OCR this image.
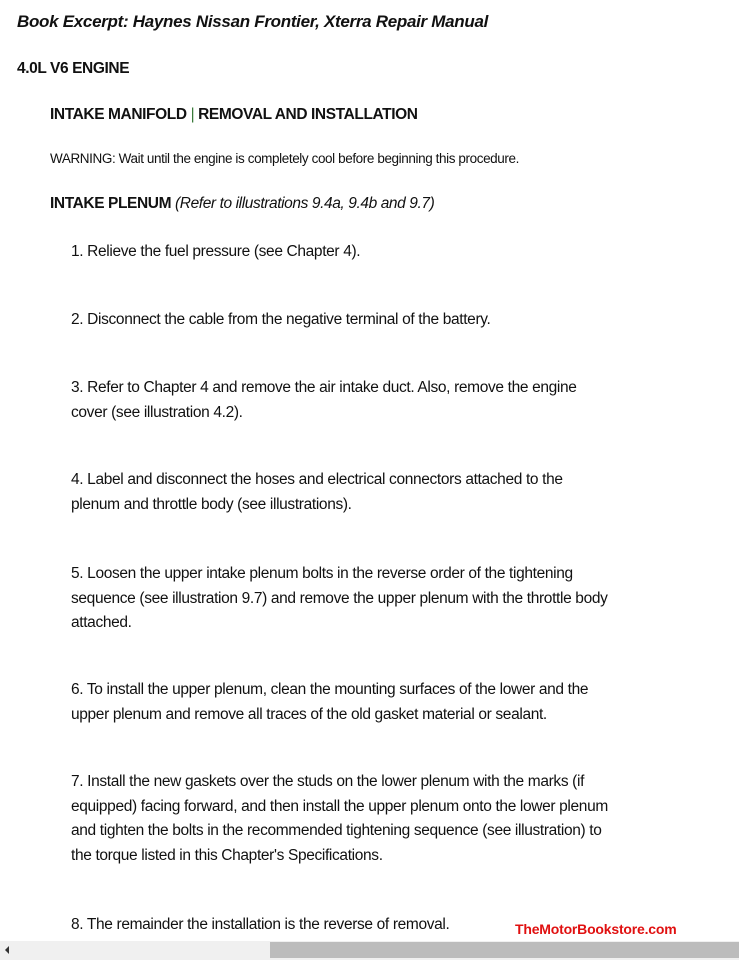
Book Excerpt: Haynes Nissan Frontier, Xterra Repair Manual
4.0L V6 ENGINE
INTAKE MANIFOLD | REMOVAL AND INSTALLATION
WARNING: Wait until the engine is completely cool before beginning this procedure.
INTAKE PLENUM (Refer to illustrations 9.4a, 9.4b and 9.7)
1. Relieve the fuel pressure (see Chapter 4).
2. Disconnect the cable from the negative terminal of the battery.
3. Refer to Chapter 4 and remove the air intake duct. Also, remove the engine
cover (see illustration 4.2).
4. Label and disconnect the hoses and electrical connectors attached to the
plenum and throttle body (see illustrations).
5. Loosen the upper intake plenum bolts in the reverse order of the tightening
sequence (see illustration 9.7) and remove the upper plenum with the throttle body
attached.
6. To install the upper plenum, clean the mounting surfaces of the lower and the
upper plenum and remove all traces of the old gasket material or sealant.
7. Install the new gaskets over the studs on the lower plenum with the marks (if
equipped) facing forward, and then install the upper plenum onto the lower plenum
and tighten the bolts in the recommended tightening sequence (see illustration) to
the torque listed in this Chapter's Specifications.
8. The remainder the installation is the reverse of removal.	TheMotorBookstore.com
